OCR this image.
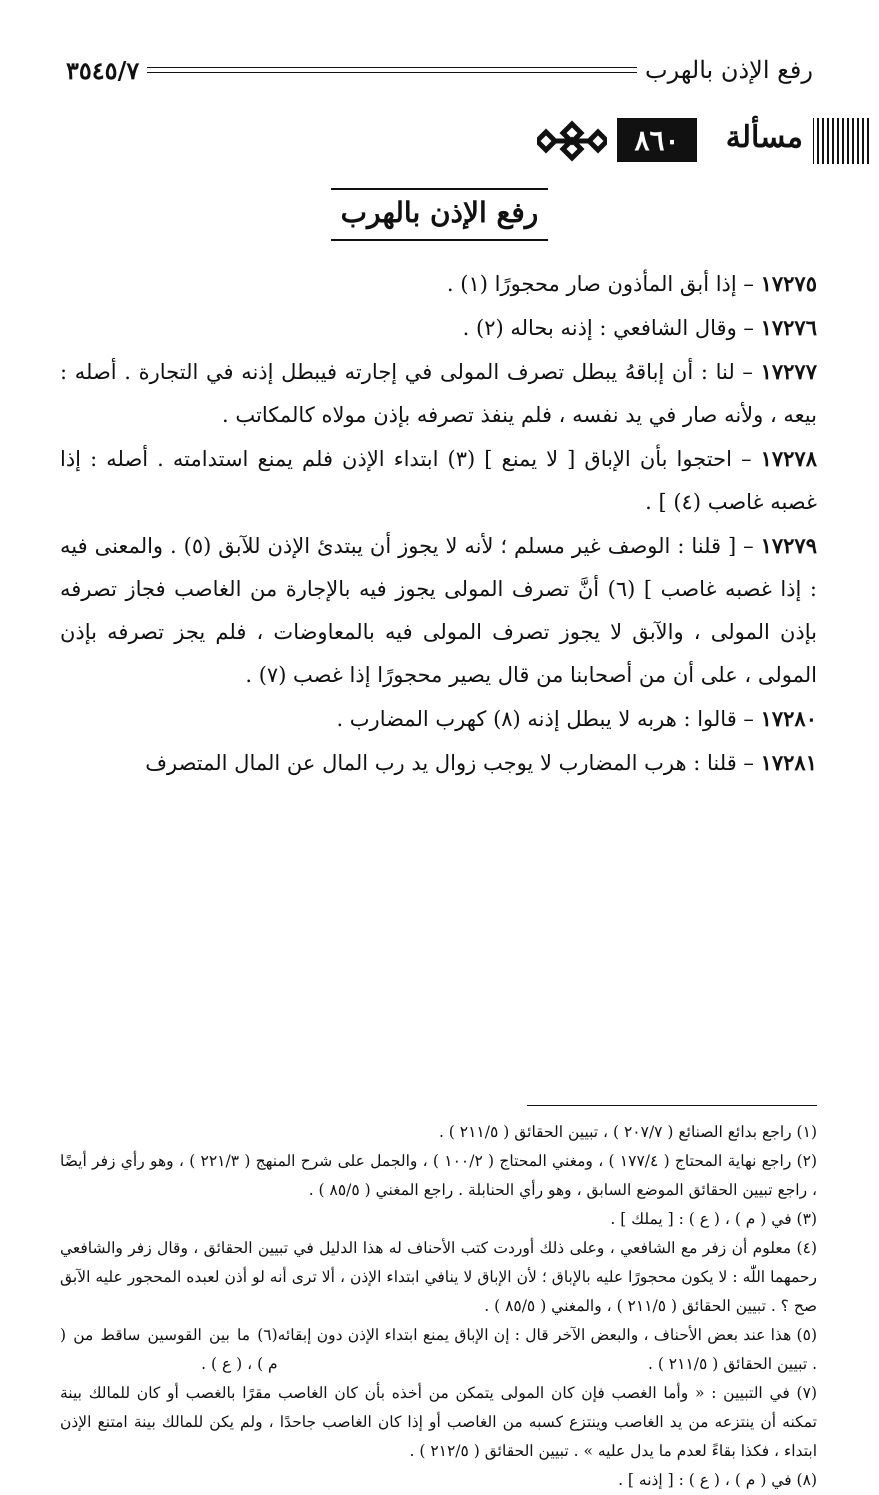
رفع الإذن بالهرب
٣٥٤٥/٧
مسألة
٨٦٠
رفع الإذن بالهرب

١٧٢٧٥ – إذا أبق المأذون صار محجورًا (١) .

١٧٢٧٦ – وقال الشافعي : إذنه بحاله (٢) .

١٧٢٧٧ – لنا : أن إباقهُ يبطل تصرف المولى في إجارته فيبطل إذنه في التجارة . أصله : بيعه ، ولأنه صار في يد نفسه ، فلم ينفذ تصرفه بإذن مولاه كالمكاتب .

١٧٢٧٨ – احتجوا بأن الإباق [ لا يمنع ] (٣) ابتداء الإذن فلم يمنع استدامته . أصله : إذا غصبه غاصب (٤) ] .

١٧٢٧٩ – [ قلنا : الوصف غير مسلم ؛ لأنه لا يجوز أن يبتدئ الإذن للآبق (٥) . والمعنى فيه : إذا غصبه غاصب ] (٦) أنَّ تصرف المولى يجوز فيه بالإجارة من الغاصب فجاز تصرفه بإذن المولى ، والآبق لا يجوز تصرف المولى فيه بالمعاوضات ، فلم يجز تصرفه بإذن المولى ، على أن من أصحابنا من قال يصير محجورًا إذا غصب (٧) .

١٧٢٨٠ – قالوا : هربه لا يبطل إذنه (٨) كهرب المضارب .

١٧٢٨١ – قلنا : هرب المضارب لا يوجب زوال يد رب المال عن المال المتصرف

(١) راجع بدائع الصنائع ( ٢٠٧/٧ ) ، تبيين الحقائق ( ٢١١/٥ ) .

(٢) راجع نهاية المحتاج ( ١٧٧/٤ ) ، ومغني المحتاج ( ١٠٠/٢ ) ، والجمل على شرح المنهج ( ٢٢١/٣ ) ، وهو رأي زفر أيضًا ، راجع تبيين الحقائق الموضع السابق ، وهو رأي الحنابلة . راجع المغني ( ٨٥/٥ ) .

(٣) في ( م ) ، ( ع ) : [ يملك ] .

(٤) معلوم أن زفر مع الشافعي ، وعلى ذلك أوردت كتب الأحناف له هذا الدليل في تبيين الحقائق ، وقال زفر والشافعي رحمهما اللّٰه : لا يكون محجورًا عليه بالإباق ؛ لأن الإباق لا ينافي ابتداء الإذن ، ألا ترى أنه لو أذن لعبده المحجور عليه الآبق صح ؟ . تبيين الحقائق ( ٢١١/٥ ) ، والمغني ( ٨٥/٥ ) .

(٥) هذا عند بعض الأحناف ، والبعض الآخر قال : إن الإباق يمنع ابتداء الإذن دون إبقائه . تبيين الحقائق ( ٢١١/٥ ) .

(٦) ما بين القوسين ساقط من ( م ) ، ( ع ) .

(٧) في التبيين : « وأما الغصب فإن كان المولى يتمكن من أخذه بأن كان الغاصب مقرًا بالغصب أو كان للمالك بينة تمكنه أن ينتزعه من يد الغاصب وينتزع كسبه من الغاصب أو إذا كان الغاصب جاحدًا ، ولم يكن للمالك بينة امتنع الإذن ابتداء ، فكذا بقاءً لعدم ما يدل عليه » . تبيين الحقائق ( ٢١٢/٥ ) .

(٨) في ( م ) ، ( ع ) : [ إذنه ] .
